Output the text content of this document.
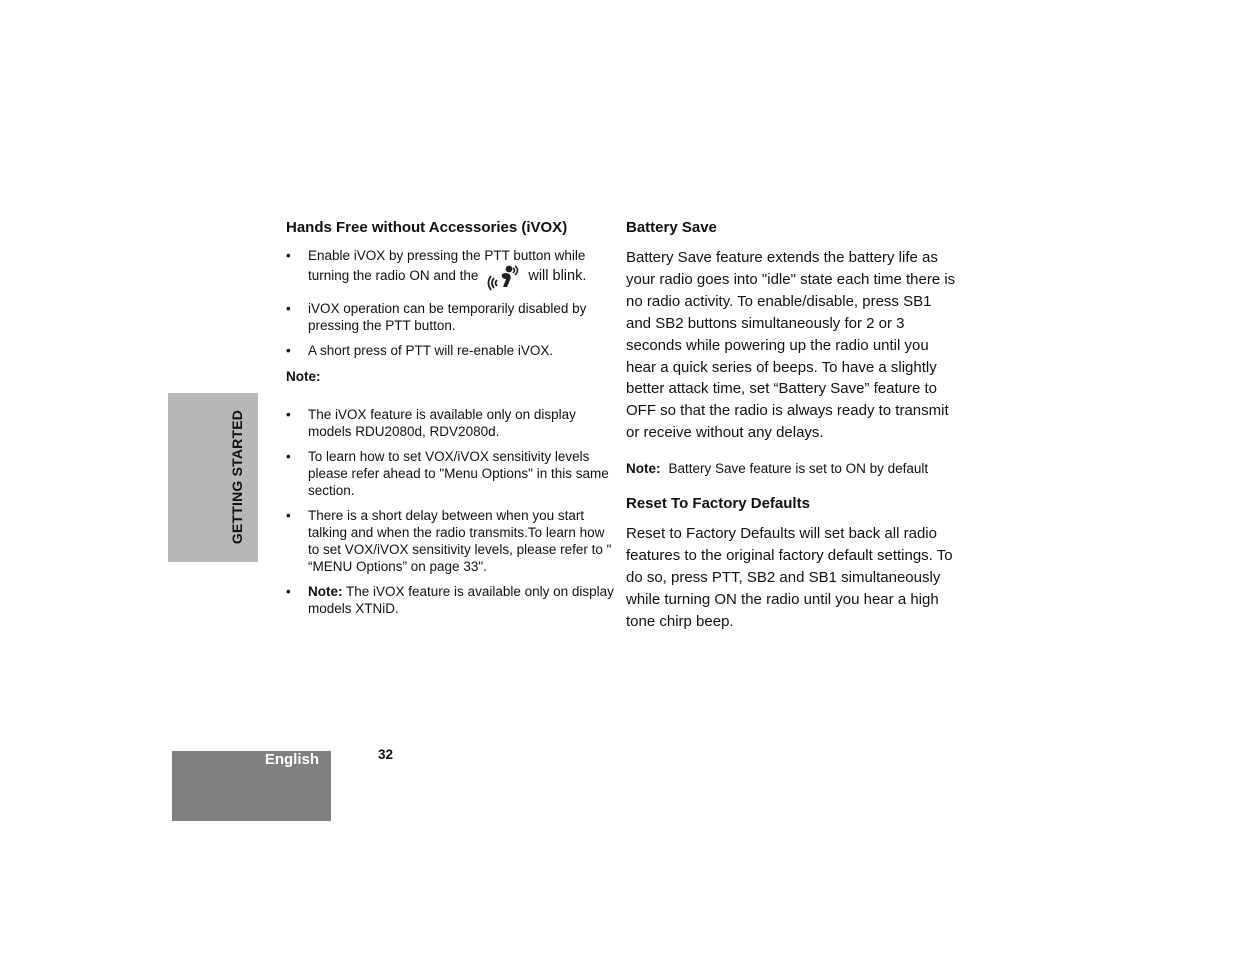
GETTING STARTED
Hands Free without Accessories (iVOX)
• Enable iVOX by pressing the PTT button while turning the radio ON and the	will blink.
• iVOX operation can be temporarily disabled by pressing the PTT button.
• A short press of PTT will re-enable iVOX.

Note:

• The iVOX feature is available only on display models RDU2080d, RDV2080d.
• To learn how to set VOX/iVOX sensitivity levels please refer ahead to "Menu Options" in this same section.
• There is a short delay between when you start talking and when the radio transmits.To learn how to set VOX/iVOX sensitivity levels, please refer to " “MENU Options” on page 33".
• Note: The iVOX feature is available only on display models XTNiD.
Battery Save

Battery Save feature extends the battery life as your radio goes into "idle" state each time there is no radio activity. To enable/disable, press SB1 and SB2 buttons simultaneously for 2 or 3 seconds while powering up the radio until you hear a quick series of beeps. To have a slightly better attack time, set “Battery Save” feature to OFF so that the radio is always ready to transmit or receive without any delays.

Note: Battery Save feature is set to ON by default

Reset To Factory Defaults

Reset to Factory Defaults will set back all radio features to the original factory default settings. To do so, press PTT, SB2 and SB1 simultaneously while turning ON the radio until you hear a high tone chirp beep.

English	32
